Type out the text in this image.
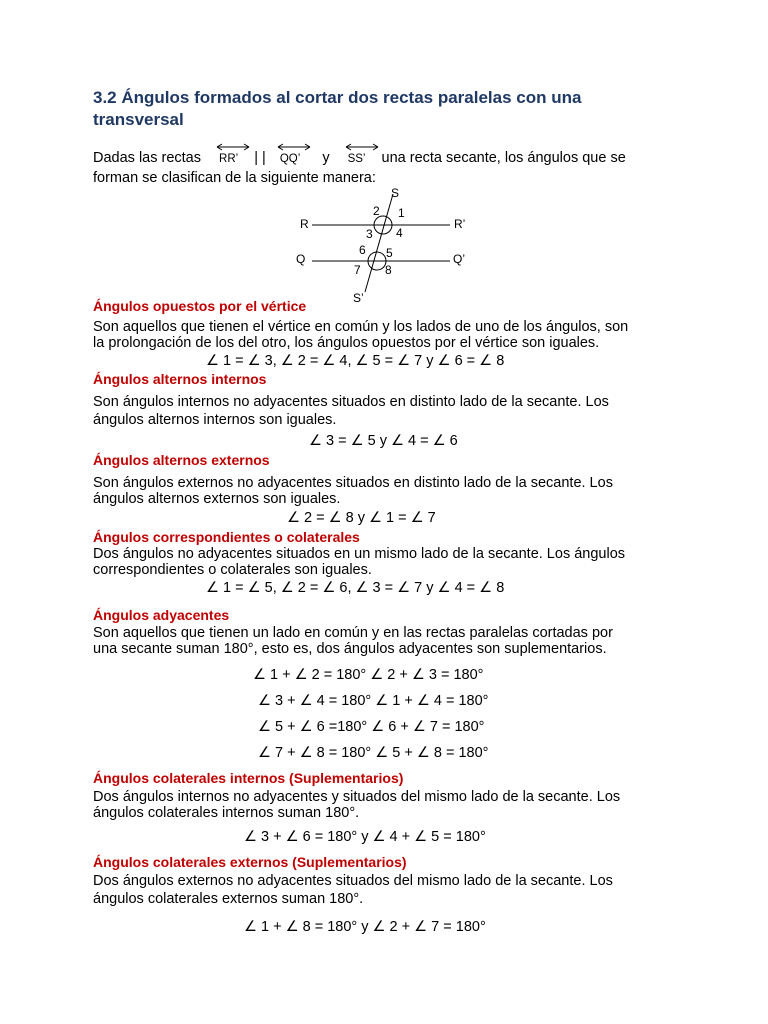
3.2 Ángulos formados al cortar dos rectas paralelas con una transversal
Dadas las rectas RR’ | | QQ’ y SS’ una recta secante, los ángulos que se
forman se clasifican de la siguiente manera:
S
S’
R	R’
Q	Q’
1
2
3 4
5
6
7 8
Ángulos opuestos por el vértice
Son aquellos que tienen el vértice en común y los lados de uno de los ángulos, son
la prolongación de los del otro, los ángulos opuestos por el vértice son iguales.
∠ 1 = ∠ 3, ∠ 2 = ∠ 4, ∠ 5 = ∠ 7 y ∠ 6 = ∠ 8
Ángulos alternos internos
Son ángulos internos no adyacentes situados en distinto lado de la secante. Los
ángulos alternos internos son iguales.
∠ 3 = ∠ 5 y ∠ 4 = ∠ 6
Ángulos alternos externos
Son ángulos externos no adyacentes situados en distinto lado de la secante. Los
ángulos alternos externos son iguales.
∠ 2 = ∠ 8 y ∠ 1 = ∠ 7
Ángulos correspondientes o colaterales
Dos ángulos no adyacentes situados en un mismo lado de la secante. Los ángulos
correspondientes o colaterales son iguales.
∠ 1 = ∠ 5, ∠ 2 = ∠ 6, ∠ 3 = ∠ 7 y ∠ 4 = ∠ 8
Ángulos adyacentes
Son aquellos que tienen un lado en común y en las rectas paralelas cortadas por
una secante suman 180°, esto es, dos ángulos adyacentes son suplementarios.
∠ 1 + ∠ 2 = 180° ∠ 2 + ∠ 3 = 180°
∠ 3 + ∠ 4 = 180° ∠ 1 + ∠ 4 = 180°
∠ 5 + ∠ 6 =180° ∠ 6 + ∠ 7 = 180°
∠ 7 + ∠ 8 = 180° ∠ 5 + ∠ 8 = 180°
Ángulos colaterales internos (Suplementarios)
Dos ángulos internos no adyacentes y situados del mismo lado de la secante. Los
ángulos colaterales internos suman 180°.
∠ 3 + ∠ 6 = 180° y ∠ 4 + ∠ 5 = 180°
Ángulos colaterales externos (Suplementarios)
Dos ángulos externos no adyacentes situados del mismo lado de la secante. Los
ángulos colaterales externos suman 180°.
∠ 1 + ∠ 8 = 180° y ∠ 2 + ∠ 7 = 180°
